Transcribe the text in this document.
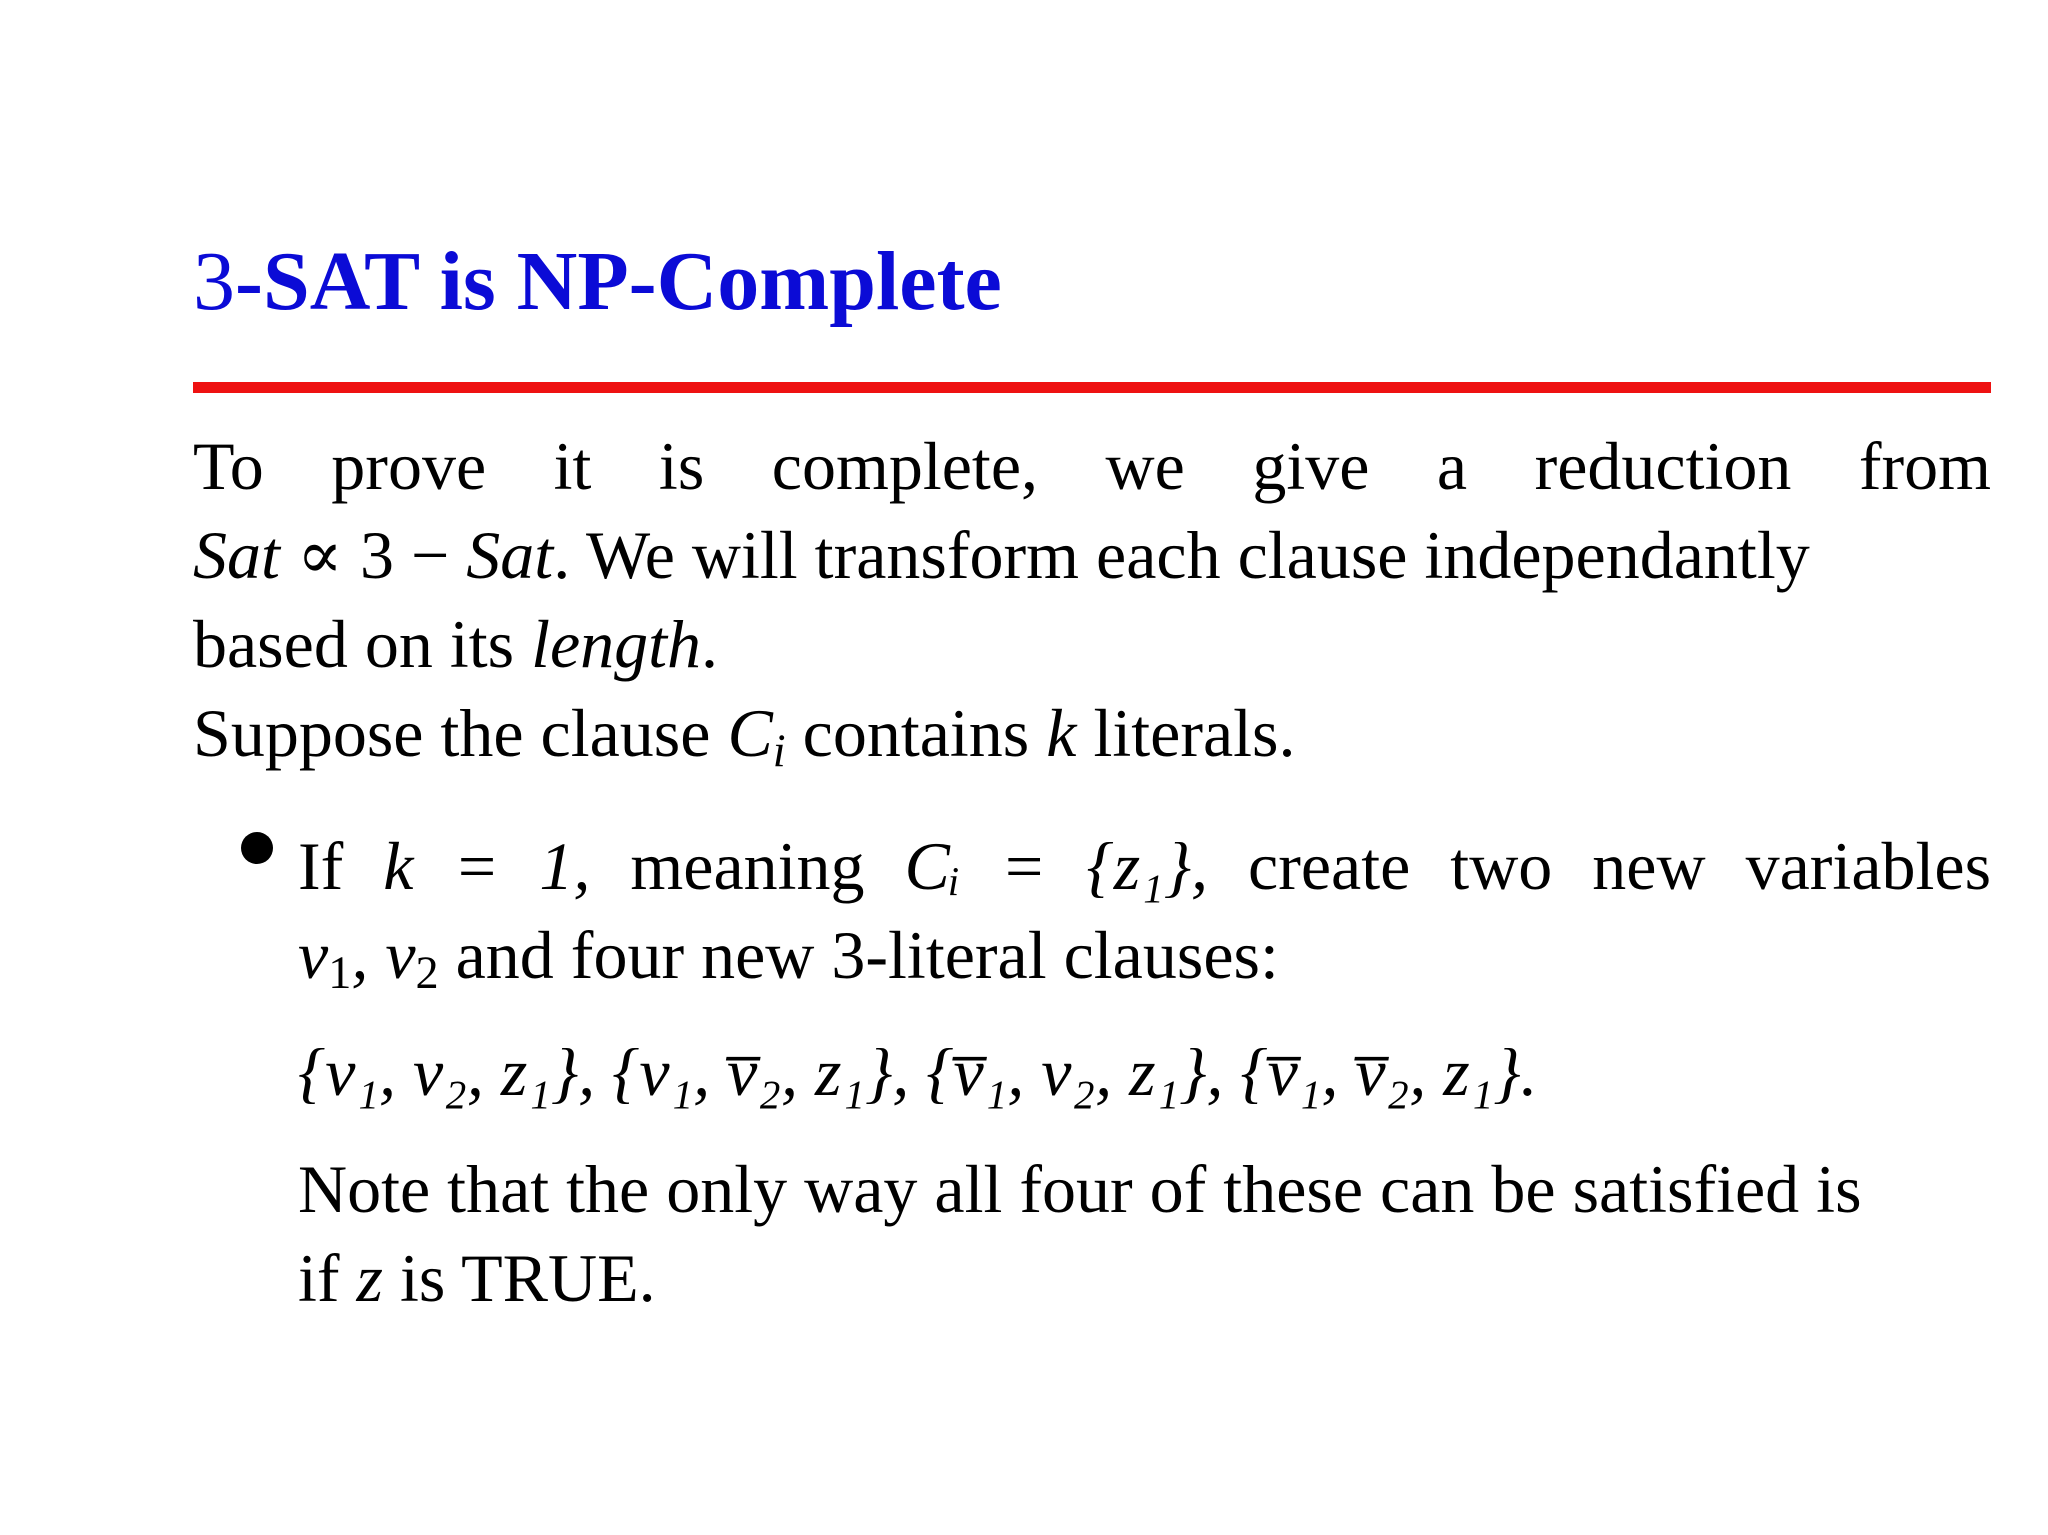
3-SAT is NP-Complete

To prove it is complete, we give a reduction from

Sat ∝ 3 − Sat. We will transform each clause independantly

based on its length.

Suppose the clause $C_i$ contains k literals.

If k = 1, meaning Cᵢ = {z₁}, create two new variables

$v_1$, $v_2$ and four new 3-literal clauses:

{v₁, v₂, z₁}, {v₁, v̅₂, z₁}, {v̅₁, v₂, z₁}, {v̅₁, v̅₂, z₁}.

Note that the only way all four of these can be satisfied is

if z is TRUE.
